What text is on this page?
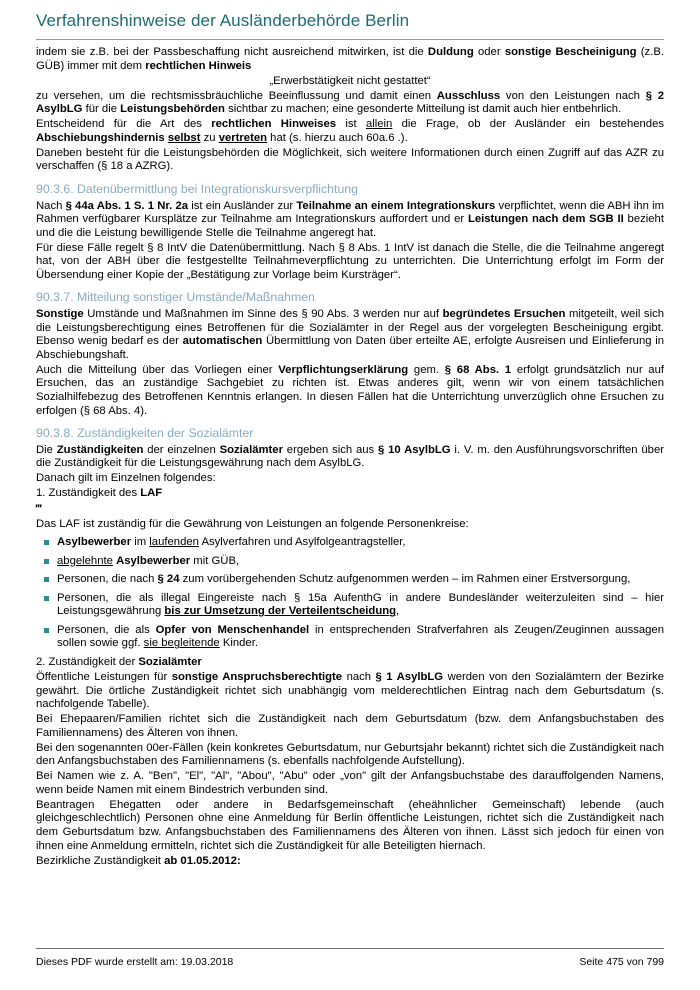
Verfahrenshinweise der Ausländerbehörde Berlin

indem sie z.B. bei der Passbeschaffung nicht ausreichend mitwirken, ist die Duldung oder sonstige Bescheinigung (z.B. GÜB) immer mit dem rechtlichen Hinweis

„Erwerbstätigkeit nicht gestattet“

zu versehen, um die rechtsmissbräuchliche Beeinflussung und damit einen Ausschluss von den Leistungen nach § 2 AsylbLG für die Leistungsbehörden sichtbar zu machen; eine gesonderte Mitteilung ist damit auch hier entbehrlich.

Entscheidend für die Art des rechtlichen Hinweises ist allein die Frage, ob der Ausländer ein bestehendes Abschiebungshindernis selbst zu vertreten hat (s. hierzu auch 60a.6 .).

Daneben besteht für die Leistungsbehörden die Möglichkeit, sich weitere Informationen durch einen Zugriff auf das AZR zu verschaffen (§ 18 a AZRG).

90.3.6. Datenübermittlung bei Integrationskursverpflichtung

Nach § 44a Abs. 1 S. 1 Nr. 2a ist ein Ausländer zur Teilnahme an einem Integrationskurs verpflichtet, wenn die ABH ihn im Rahmen verfügbarer Kursplätze zur Teilnahme am Integrationskurs auffordert und er Leistungen nach dem SGB II bezieht und die die Leistung bewilligende Stelle die Teilnahme angeregt hat.

Für diese Fälle regelt § 8 IntV die Datenübermittlung. Nach § 8 Abs. 1 IntV ist danach die Stelle, die die Teilnahme angeregt hat, von der ABH über die festgestellte Teilnahmeverpflichtung zu unterrichten. Die Unterrichtung erfolgt im Form der Übersendung einer Kopie der „Bestätigung zur Vorlage beim Kursträger“.

90.3.7. Mitteilung sonstiger Umstände/Maßnahmen

Sonstige Umstände und Maßnahmen im Sinne des § 90 Abs. 3 werden nur auf begründetes Ersuchen mitgeteilt, weil sich die Leistungsberechtigung eines Betroffenen für die Sozialämter in der Regel aus der vorgelegten Bescheinigung ergibt. Ebenso wenig bedarf es der automatischen Übermittlung von Daten über erteilte AE, erfolgte Ausreisen und Einlieferung in Abschiebungshaft.

Auch die Mitteilung über das Vorliegen einer Verpflichtungserklärung gem. § 68 Abs. 1 erfolgt grundsätzlich nur auf Ersuchen, das an zuständige Sachgebiet zu richten ist. Etwas anderes gilt, wenn wir von einem tatsächlichen Sozialhilfebezug des Betroffenen Kenntnis erlangen. In diesen Fällen hat die Unterrichtung unverzüglich ohne Ersuchen zu erfolgen (§ 68 Abs. 4).

90.3.8. Zuständigkeiten der Sozialämter

Die Zuständigkeiten der einzelnen Sozialämter ergeben sich aus § 10 AsylbLG i. V. m. den Ausführungsvorschriften über die Zuständigkeit für die Leistungsgewährung nach dem AsylbLG.

Danach gilt im Einzelnen folgendes:

1. Zuständigkeit des LAF

‴

Das LAF ist zuständig für die Gewährung von Leistungen an folgende Personenkreise:

Asylbewerber im laufenden Asylverfahren und Asylfolgeantragsteller,
abgelehnte Asylbewerber mit GÜB,
Personen, die nach § 24 zum vorübergehenden Schutz aufgenommen werden – im Rahmen einer Erstversorgung,
Personen, die als illegal Eingereiste nach § 15a AufenthG in andere Bundesländer weiterzuleiten sind – hier Leistungsgewährung bis zur Umsetzung der Verteilentscheidung,
Personen, die als Opfer von Menschenhandel in entsprechenden Strafverfahren als Zeugen/Zeuginnen aussagen sollen sowie ggf. sie begleitende Kinder.

2. Zuständigkeit der Sozialämter

Öffentliche Leistungen für sonstige Anspruchsberechtigte nach § 1 AsylbLG werden von den Sozialämtern der Bezirke gewährt. Die örtliche Zuständigkeit richtet sich unabhängig vom melderechtlichen Eintrag nach dem Geburtsdatum (s. nachfolgende Tabelle).

Bei Ehepaaren/Familien richtet sich die Zuständigkeit nach dem Geburtsdatum (bzw. dem Anfangsbuchstaben des Familiennamens) des Älteren von ihnen.

Bei den sogenannten 00er-Fällen (kein konkretes Geburtsdatum, nur Geburtsjahr bekannt) richtet sich die Zuständigkeit nach den Anfangsbuchstaben des Familiennamens (s. ebenfalls nachfolgende Aufstellung).

Bei Namen wie z. A. "Ben", "El", "Al", "Abou", "Abu" oder „von" gilt der Anfangsbuchstabe des darauffolgenden Namens, wenn beide Namen mit einem Bindestrich verbunden sind.

Beantragen Ehegatten oder andere in Bedarfsgemeinschaft (eheähnlicher Gemeinschaft) lebende (auch gleichgeschlechtlich) Personen ohne eine Anmeldung für Berlin öffentliche Leistungen, richtet sich die Zuständigkeit nach dem Geburtsdatum bzw. Anfangsbuchstaben des Familiennamens des Älteren von ihnen. Lässt sich jedoch für einen von ihnen eine Anmeldung ermitteln, richtet sich die Zuständigkeit für alle Beteiligten hiernach.

Bezirkliche Zuständigkeit ab 01.05.2012:

Dieses PDF wurde erstellt am: 19.03.2018	Seite 475 von 799
